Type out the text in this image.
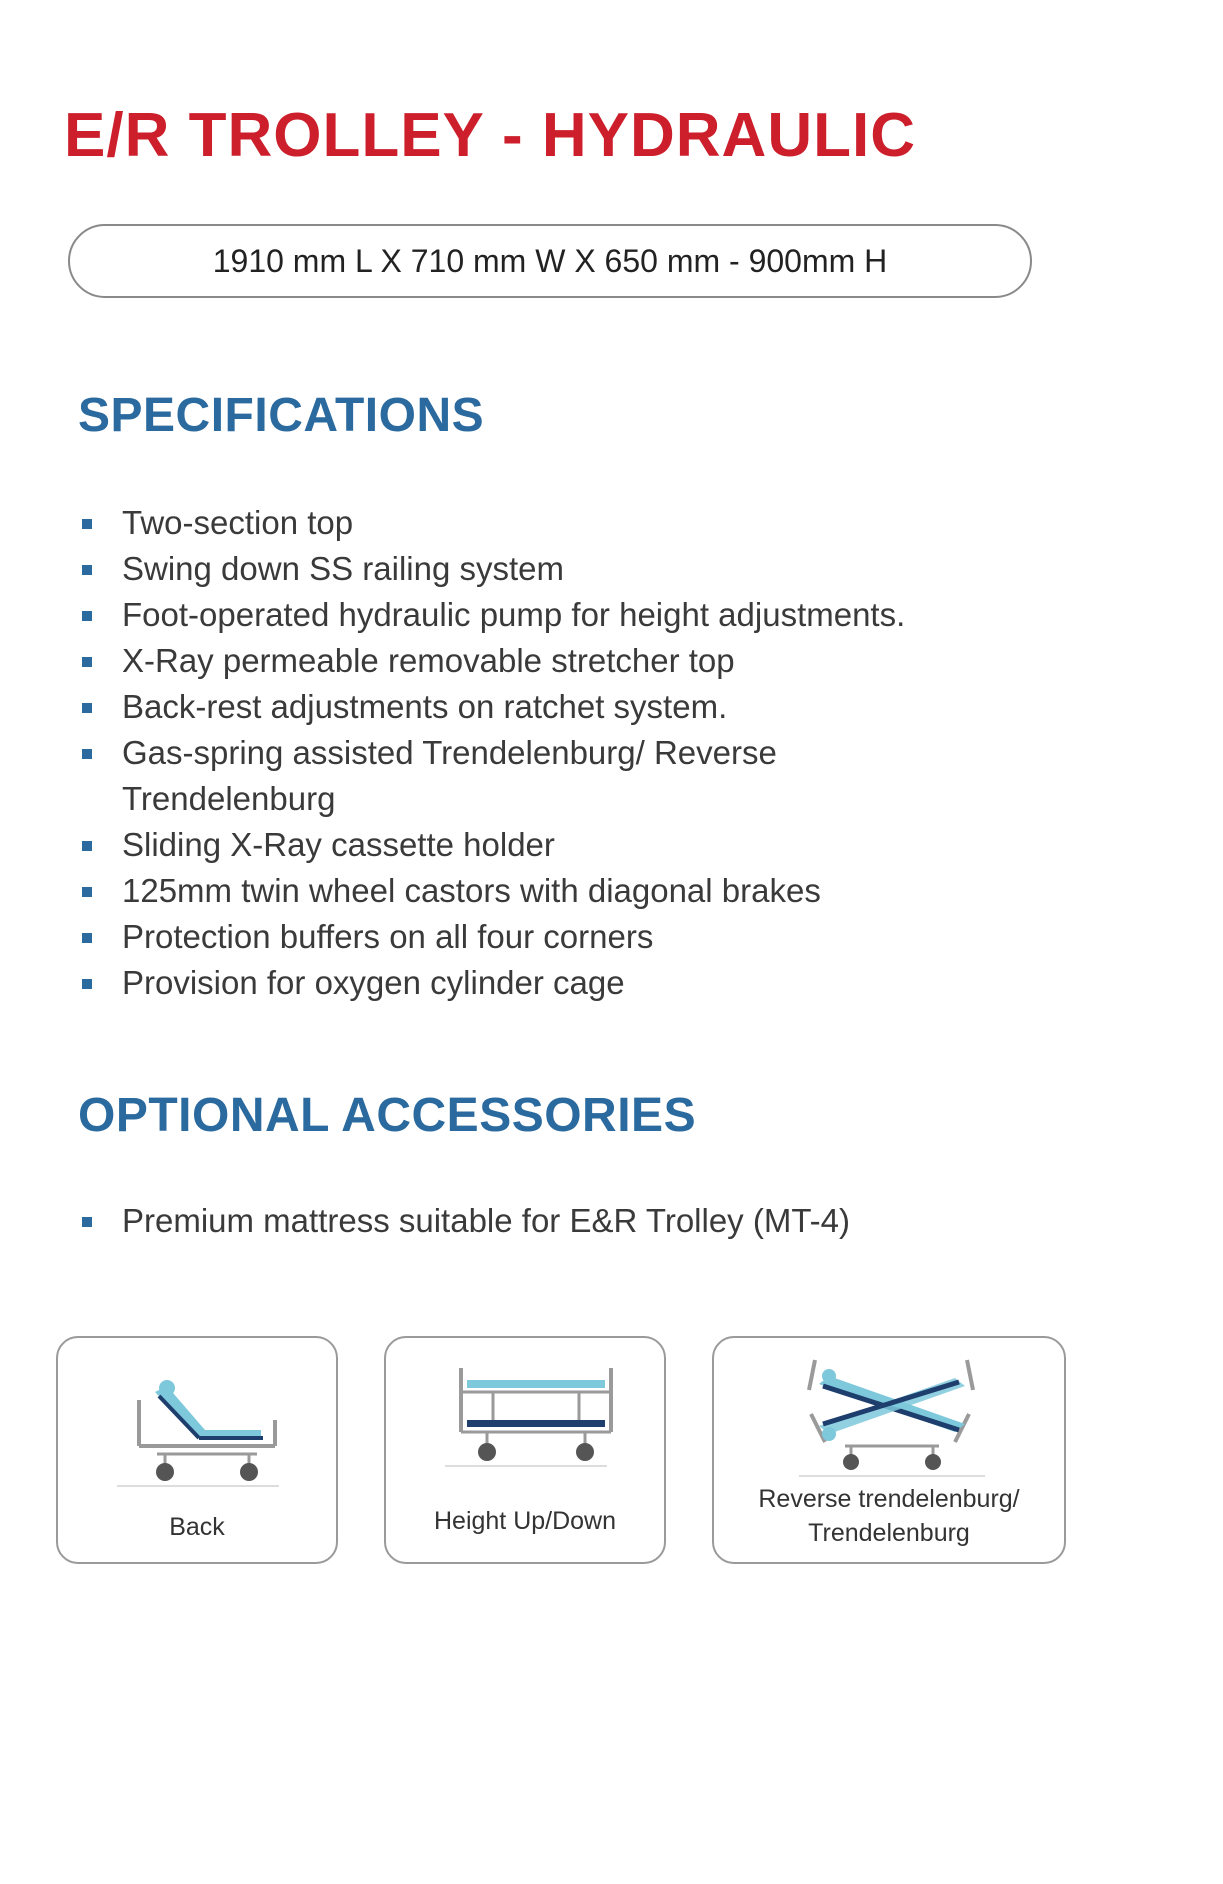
E/R TROLLEY - HYDRAULIC
1910 mm L X 710 mm W X 650 mm - 900mm H
SPECIFICATIONS
Two-section top
Swing down SS railing system
Foot-operated hydraulic pump for height adjustments.
X-Ray permeable removable stretcher top
Back-rest adjustments on ratchet system.
Gas-spring assisted Trendelenburg/ Reverse Trendelenburg
Sliding X-Ray cassette holder
125mm twin wheel castors with diagonal brakes
Protection buffers on all four corners
Provision for oxygen cylinder cage
OPTIONAL ACCESSORIES
Premium mattress suitable for E&R Trolley (MT-4)
Back	Height Up/Down
Reverse trendelenburg/
Trendelenburg
